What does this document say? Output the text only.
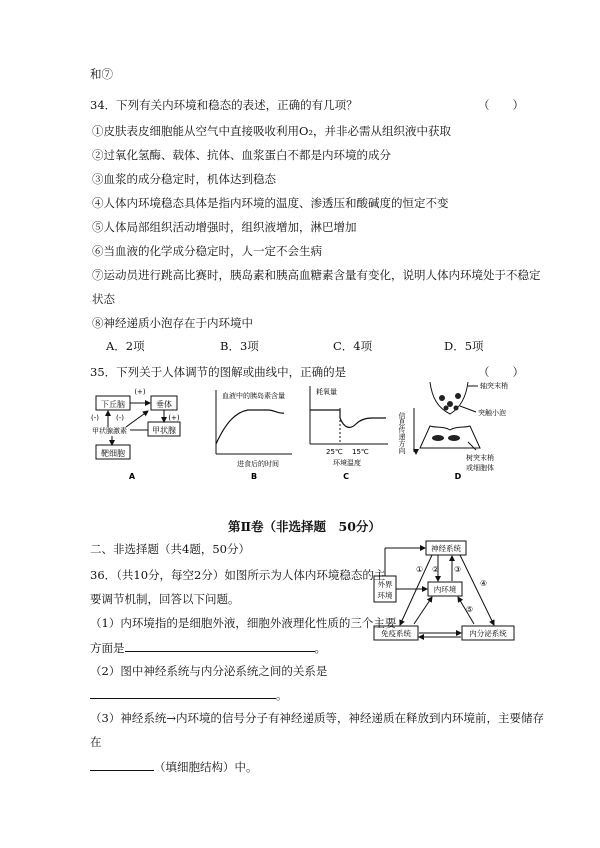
和⑦
34．下列有关内环境和稳态的表述，正确的有几项？	（　　）
①皮肤表皮细胞能从空气中直接吸收利用O₂，并非必需从组织液中获取
②过氧化氢酶、载体、抗体、血浆蛋白不都是内环境的成分
③血浆的成分稳定时，机体达到稳态
④人体内环境稳态具体是指内环境的温度、渗透压和酸碱度的恒定不变
⑤人体局部组织活动增强时，组织液增加，淋巴增加
⑥当血液的化学成分稳定时，人一定不会生病
⑦运动员进行跳高比赛时，胰岛素和胰高血糖素含量有变化，说明人体内环境处于不稳定
状态
⑧神经递质小泡存在于内环境中
A．2项	B．3项	C．4项	D．5项
35．下列关于人体调节的图解或曲线中，正确的是	（　　）
下丘脑	垂体
(+)
(+)
甲状腺
(-) (-)
甲状腺激素
靶细胞
A
血液中的胰岛素含量
进食后的时间
B
耗氧量
25℃ 15℃
环境温度
C
信息传递方向
轴突末梢
突触小泡
树突末梢
或细胞体
D
第Ⅱ卷（非选择题　50分）
二、非选择题（共4题，50分）
36．（共10分，每空2分）如图所示为人体内环境稳态的主
要调节机制，回答以下问题。
（1）内环境指的是细胞外液，细胞外液理化性质的三个主要
方面是	。
（2）图中神经系统与内分泌系统之间的关系是
。
（3）神经系统→内环境的信号分子有神经递质等，神经递质在释放到内环境前，主要储存
在
（填细胞结构）中。
神经系统
外界
环境
内环境
免疫系统	内分泌系统
① ② ③
④
⑤
